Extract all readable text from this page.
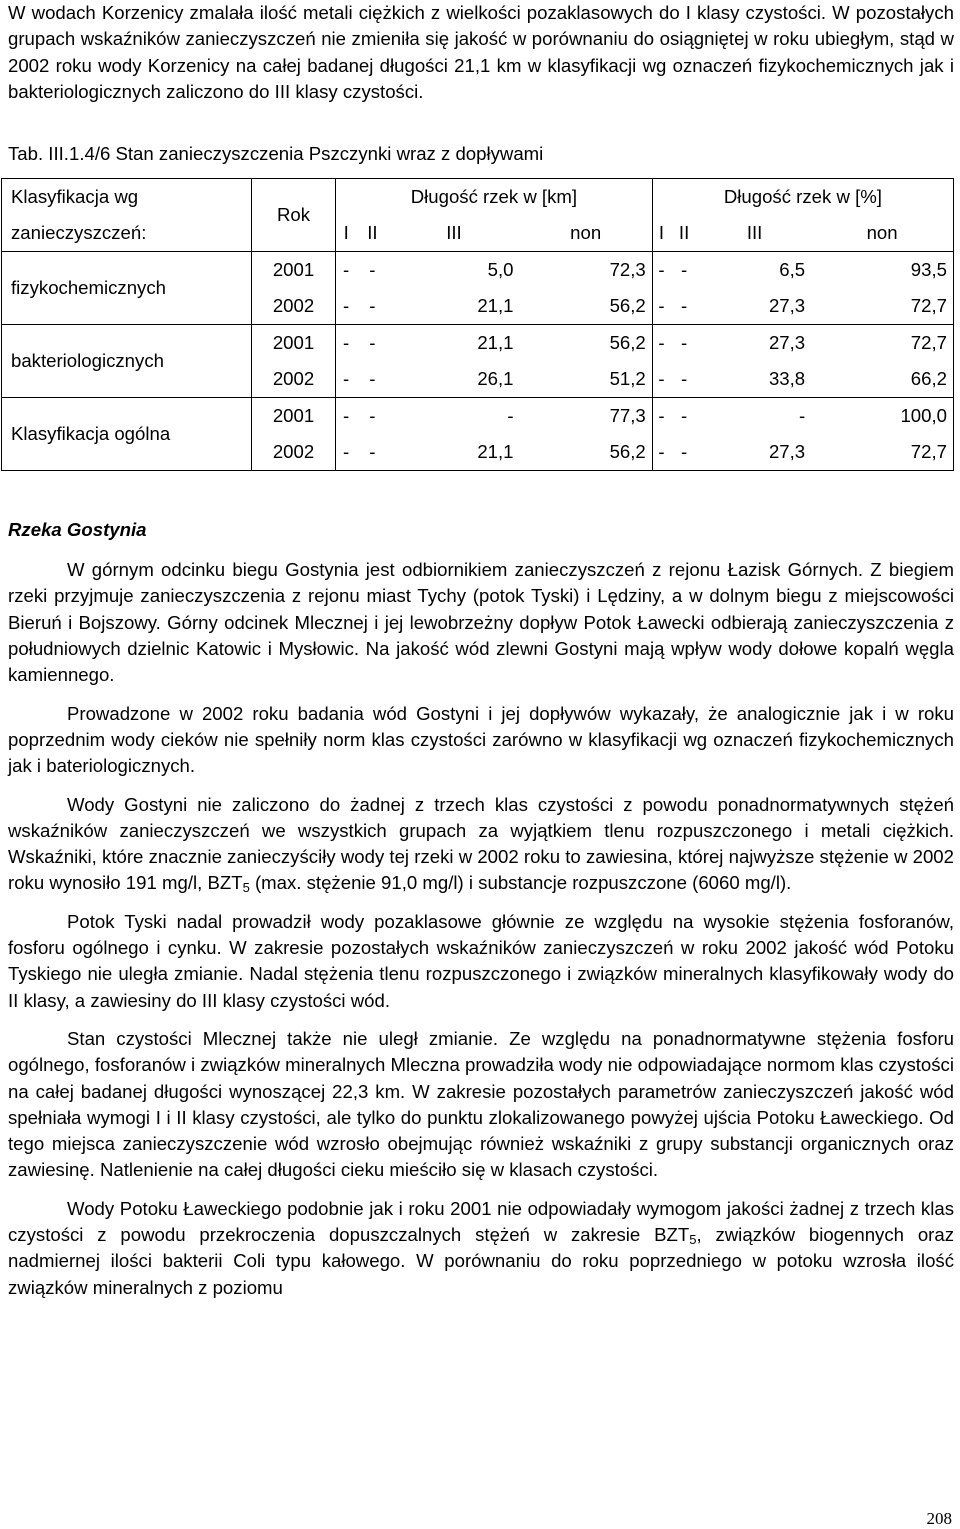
W wodach Korzenicy zmalała ilość metali ciężkich z wielkości pozaklasowych do I klasy czystości. W pozostałych grupach wskaźników zanieczyszczeń nie zmieniła się jakość w porównaniu do osiągniętej w roku ubiegłym, stąd w 2002 roku wody Korzenicy na całej badanej długości 21,1 km w klasyfikacji wg oznaczeń fizykochemicznych jak i bakteriologicznych zaliczono do III klasy czystości.

Tab. III.1.4/6 Stan zanieczyszczenia Pszczynki wraz z dopływami

Klasyfikacja wg	Rok	Długość rzek w [km]				Długość rzek w [%]			
zanieczyszczeń:		I	II	III	non	I	II	III	non
fizykochemicznych	2001	-	-	5,0	72,3	-	-	6,5	93,5
	2002	-	-	21,1	56,2	-	-	27,3	72,7
bakteriologicznych	2001	-	-	21,1	56,2	-	-	27,3	72,7
	2002	-	-	26,1	51,2	-	-	33,8	66,2
Klasyfikacja ogólna	2001	-	-	-	77,3	-	-	-	100,0
	2002	-	-	21,1	56,2	-	-	27,3	72,7

Rzeka Gostynia

W górnym odcinku biegu Gostynia jest odbiornikiem zanieczyszczeń z rejonu Łazisk Górnych. Z biegiem rzeki przyjmuje zanieczyszczenia z rejonu miast Tychy (potok Tyski) i Lędziny, a w dolnym biegu z miejscowości Bieruń i Bojszowy. Górny odcinek Mlecznej i jej lewobrzeżny dopływ Potok Ławecki odbierają zanieczyszczenia z południowych dzielnic Katowic i Mysłowic. Na jakość wód zlewni Gostyni mają wpływ wody dołowe kopalń węgla kamiennego.

Prowadzone w 2002 roku badania wód Gostyni i jej dopływów wykazały, że analogicznie jak i w roku poprzednim wody cieków nie spełniły norm klas czystości zarówno w klasyfikacji wg oznaczeń fizykochemicznych jak i bateriologicznych.

Wody Gostyni nie zaliczono do żadnej z trzech klas czystości z powodu ponadnormatywnych stężeń wskaźników zanieczyszczeń we wszystkich grupach za wyjątkiem tlenu rozpuszczonego i metali ciężkich. Wskaźniki, które znacznie zanieczyściły wody tej rzeki w 2002 roku to zawiesina, której najwyższe stężenie w 2002 roku wynosiło 191 mg/l, $BZT_5$ (max. stężenie 91,0 mg/l) i substancje rozpuszczone (6060 mg/l).

Potok Tyski nadal prowadził wody pozaklasowe głównie ze względu na wysokie stężenia fosforanów, fosforu ogólnego i cynku. W zakresie pozostałych wskaźników zanieczyszczeń w roku 2002 jakość wód Potoku Tyskiego nie uległa zmianie. Nadal stężenia tlenu rozpuszczonego i związków mineralnych klasyfikowały wody do II klasy, a zawiesiny do III klasy czystości wód.

Stan czystości Mlecznej także nie uległ zmianie. Ze względu na ponadnormatywne stężenia fosforu ogólnego, fosforanów i związków mineralnych Mleczna prowadziła wody nie odpowiadające normom klas czystości na całej badanej długości wynoszącej 22,3 km. W zakresie pozostałych parametrów zanieczyszczeń jakość wód spełniała wymogi I i II klasy czystości, ale tylko do punktu zlokalizowanego powyżej ujścia Potoku Ławeckiego. Od tego miejsca zanieczyszczenie wód wzrosło obejmując również wskaźniki z grupy substancji organicznych oraz zawiesinę. Natlenienie na całej długości cieku mieściło się w klasach czystości.

Wody Potoku Ławeckiego podobnie jak i roku 2001 nie odpowiadały wymogom jakości żadnej z trzech klas czystości z powodu przekroczenia dopuszczalnych stężeń w zakresie $BZT_5$, związków biogennych oraz nadmiernej ilości bakterii Coli typu kałowego. W porównaniu do roku poprzedniego w potoku wzrosła ilość związków mineralnych z poziomu

208
